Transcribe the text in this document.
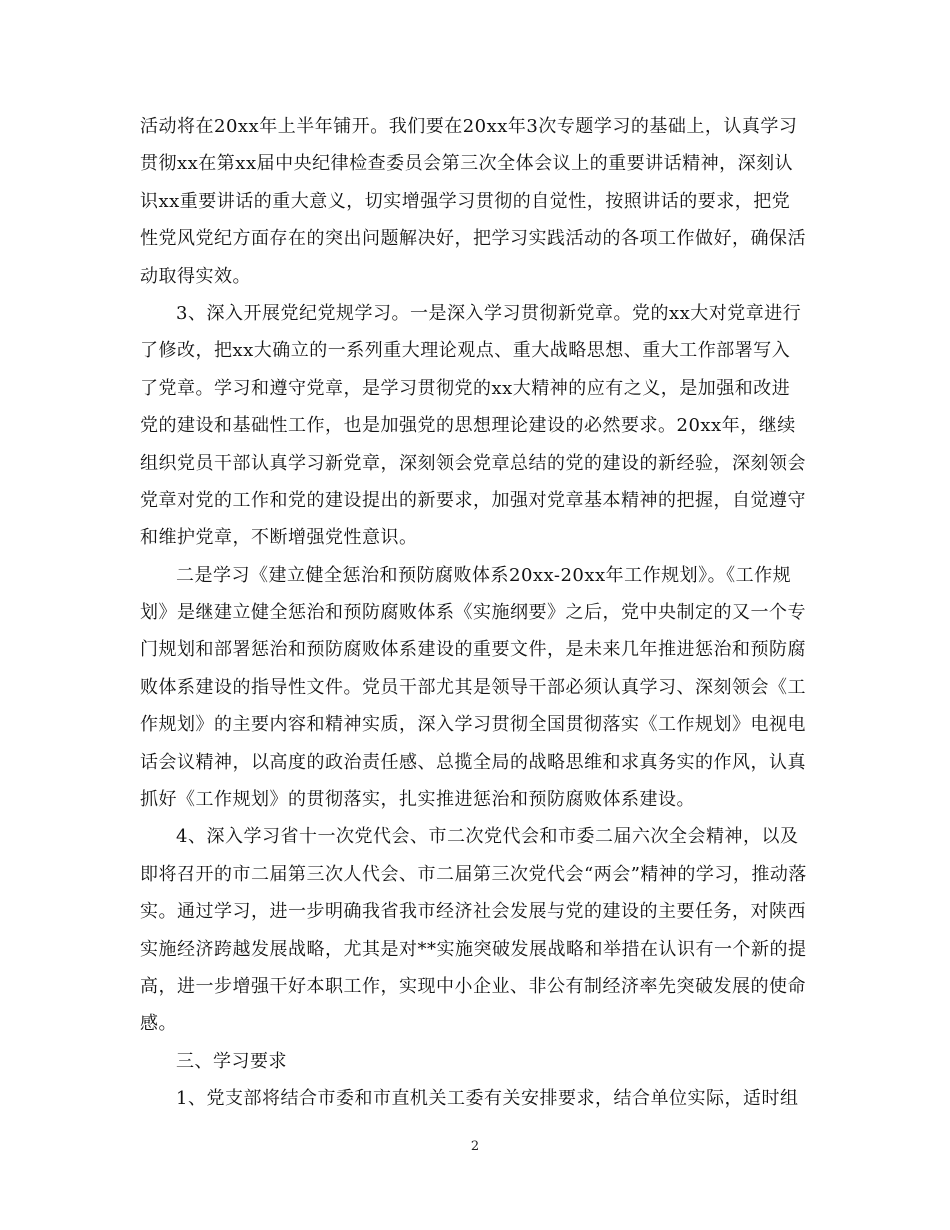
活动将在20xx年上半年铺开。我们要在20xx年3次专题学习的基础上，认真学习
贯彻xx在第xx届中央纪律检查委员会第三次全体会议上的重要讲话精神，深刻认
识xx重要讲话的重大意义，切实增强学习贯彻的自觉性，按照讲话的要求，把党
性党风党纪方面存在的突出问题解决好，把学习实践活动的各项工作做好，确保活
动取得实效。
3、深入开展党纪党规学习。一是深入学习贯彻新党章。党的xx大对党章进行
了修改，把xx大确立的一系列重大理论观点、重大战略思想、重大工作部署写入
了党章。学习和遵守党章，是学习贯彻党的xx大精神的应有之义，是加强和改进
党的建设和基础性工作，也是加强党的思想理论建设的必然要求。20xx年，继续
组织党员干部认真学习新党章，深刻领会党章总结的党的建设的新经验，深刻领会
党章对党的工作和党的建设提出的新要求，加强对党章基本精神的把握，自觉遵守
和维护党章，不断增强党性意识。
二是学习《建立健全惩治和预防腐败体系20xx-20xx年工作规划》。《工作规
划》是继建立健全惩治和预防腐败体系《实施纲要》之后，党中央制定的又一个专
门规划和部署惩治和预防腐败体系建设的重要文件，是未来几年推进惩治和预防腐
败体系建设的指导性文件。党员干部尤其是领导干部必须认真学习、深刻领会《工
作规划》的主要内容和精神实质，深入学习贯彻全国贯彻落实《工作规划》电视电
话会议精神，以高度的政治责任感、总揽全局的战略思维和求真务实的作风，认真
抓好《工作规划》的贯彻落实，扎实推进惩治和预防腐败体系建设。
4、深入学习省十一次党代会、市二次党代会和市委二届六次全会精神，以及
即将召开的市二届第三次人代会、市二届第三次党代会“两会”精神的学习，推动落
实。通过学习，进一步明确我省我市经济社会发展与党的建设的主要任务，对陕西
实施经济跨越发展战略，尤其是对**实施突破发展战略和举措在认识有一个新的提
高，进一步增强干好本职工作，实现中小企业、非公有制经济率先突破发展的使命
感。
三、学习要求
1、党支部将结合市委和市直机关工委有关安排要求，结合单位实际，适时组
2
